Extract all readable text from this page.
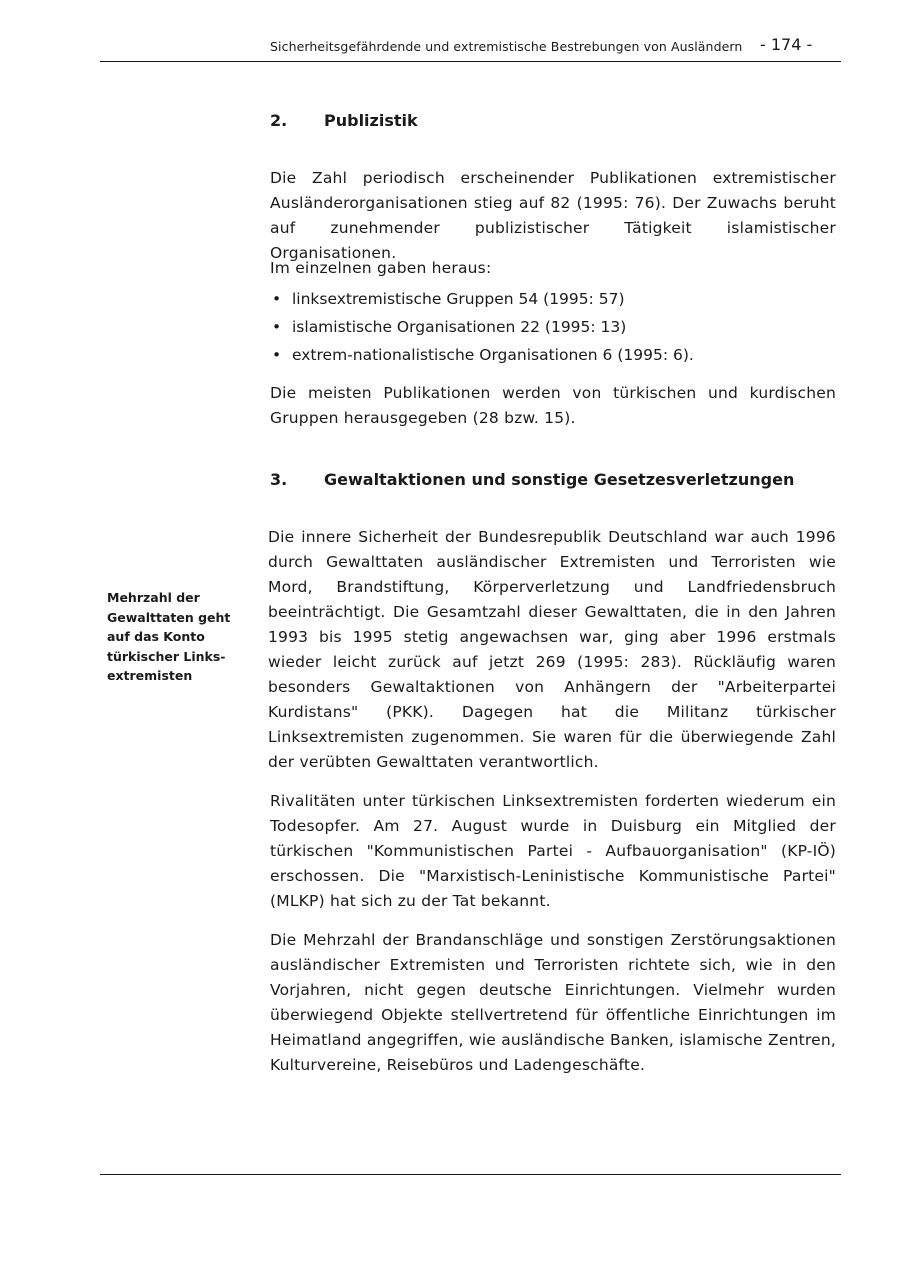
Sicherheitsgefährdende und extremistische Bestrebungen von Ausländern - 174 -
2. Publizistik

Die Zahl periodisch erscheinender Publikationen extremistischer Ausländerorganisationen stieg auf 82 (1995: 76). Der Zuwachs beruht auf zunehmender publizistischer Tätigkeit islamistischer Organisationen.

Im einzelnen gaben heraus:

• linksextremistische Gruppen 54 (1995: 57)
• islamistische Organisationen 22 (1995: 13)
• extrem-nationalistische Organisationen 6 (1995: 6).

Die meisten Publikationen werden von türkischen und kurdischen Gruppen herausgegeben (28 bzw. 15).

3. Gewaltaktionen und sonstige Gesetzesverletzungen
Mehrzahl der Gewalttaten geht auf das Konto türkischer Links-extremisten

Die innere Sicherheit der Bundesrepublik Deutschland war auch 1996 durch Gewalttaten ausländischer Extremisten und Terroristen wie Mord, Brandstiftung, Körperverletzung und Landfriedensbruch beeinträchtigt. Die Gesamtzahl dieser Gewalttaten, die in den Jahren 1993 bis 1995 stetig angewachsen war, ging aber 1996 erstmals wieder leicht zurück auf jetzt 269 (1995: 283). Rückläufig waren besonders Gewaltaktionen von Anhängern der "Arbeiterpartei Kurdistans" (PKK). Dagegen hat die Militanz türkischer Linksextremisten zugenommen. Sie waren für die überwiegende Zahl der verübten Gewalttaten verantwortlich.

Rivalitäten unter türkischen Linksextremisten forderten wiederum ein Todesopfer. Am 27. August wurde in Duisburg ein Mitglied der türkischen "Kommunistischen Partei - Aufbauorganisation" (KP-IÖ) erschossen. Die "Marxistisch-Leninistische Kommunistische Partei" (MLKP) hat sich zu der Tat bekannt.

Die Mehrzahl der Brandanschläge und sonstigen Zerstörungsaktionen ausländischer Extremisten und Terroristen richtete sich, wie in den Vorjahren, nicht gegen deutsche Einrichtungen. Vielmehr wurden überwiegend Objekte stellvertretend für öffentliche Einrichtungen im Heimatland angegriffen, wie ausländische Banken, islamische Zentren, Kulturvereine, Reisebüros und Ladengeschäfte.
